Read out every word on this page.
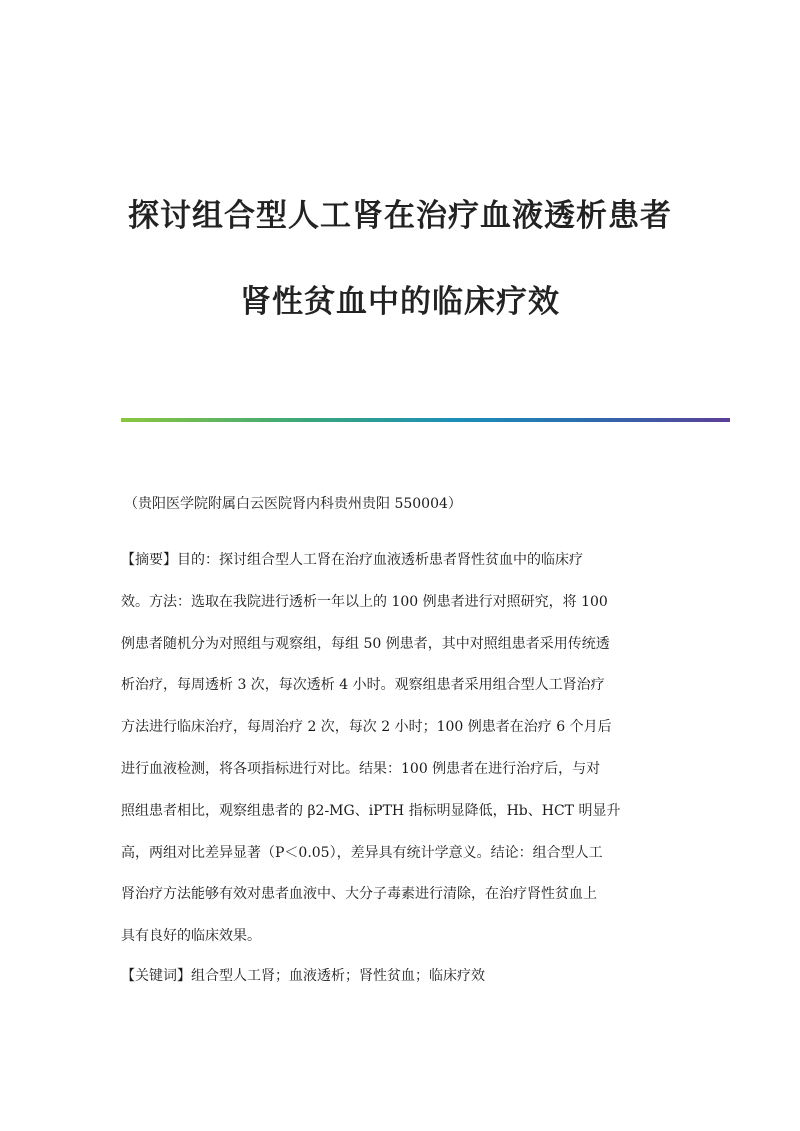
探讨组合型人工肾在治疗血液透析患者
肾性贫血中的临床疗效
（贵阳医学院附属白云医院肾内科贵州贵阳 550004）
【摘要】目的：探讨组合型人工肾在治疗血液透析患者肾性贫血中的临床疗
效。方法：选取在我院进行透析一年以上的 100 例患者进行对照研究，将 100
例患者随机分为对照组与观察组，每组 50 例患者，其中对照组患者采用传统透
析治疗，每周透析 3 次，每次透析 4 小时。观察组患者采用组合型人工肾治疗
方法进行临床治疗，每周治疗 2 次，每次 2 小时；100 例患者在治疗 6 个月后
进行血液检测，将各项指标进行对比。结果：100 例患者在进行治疗后，与对
照组患者相比，观察组患者的 β2-MG、iPTH 指标明显降低，Hb、HCT 明显升
高，两组对比差异显著（P＜0.05），差异具有统计学意义。结论：组合型人工
肾治疗方法能够有效对患者血液中、大分子毒素进行清除，在治疗肾性贫血上
具有良好的临床效果。
【关键词】组合型人工肾；血液透析；肾性贫血；临床疗效
